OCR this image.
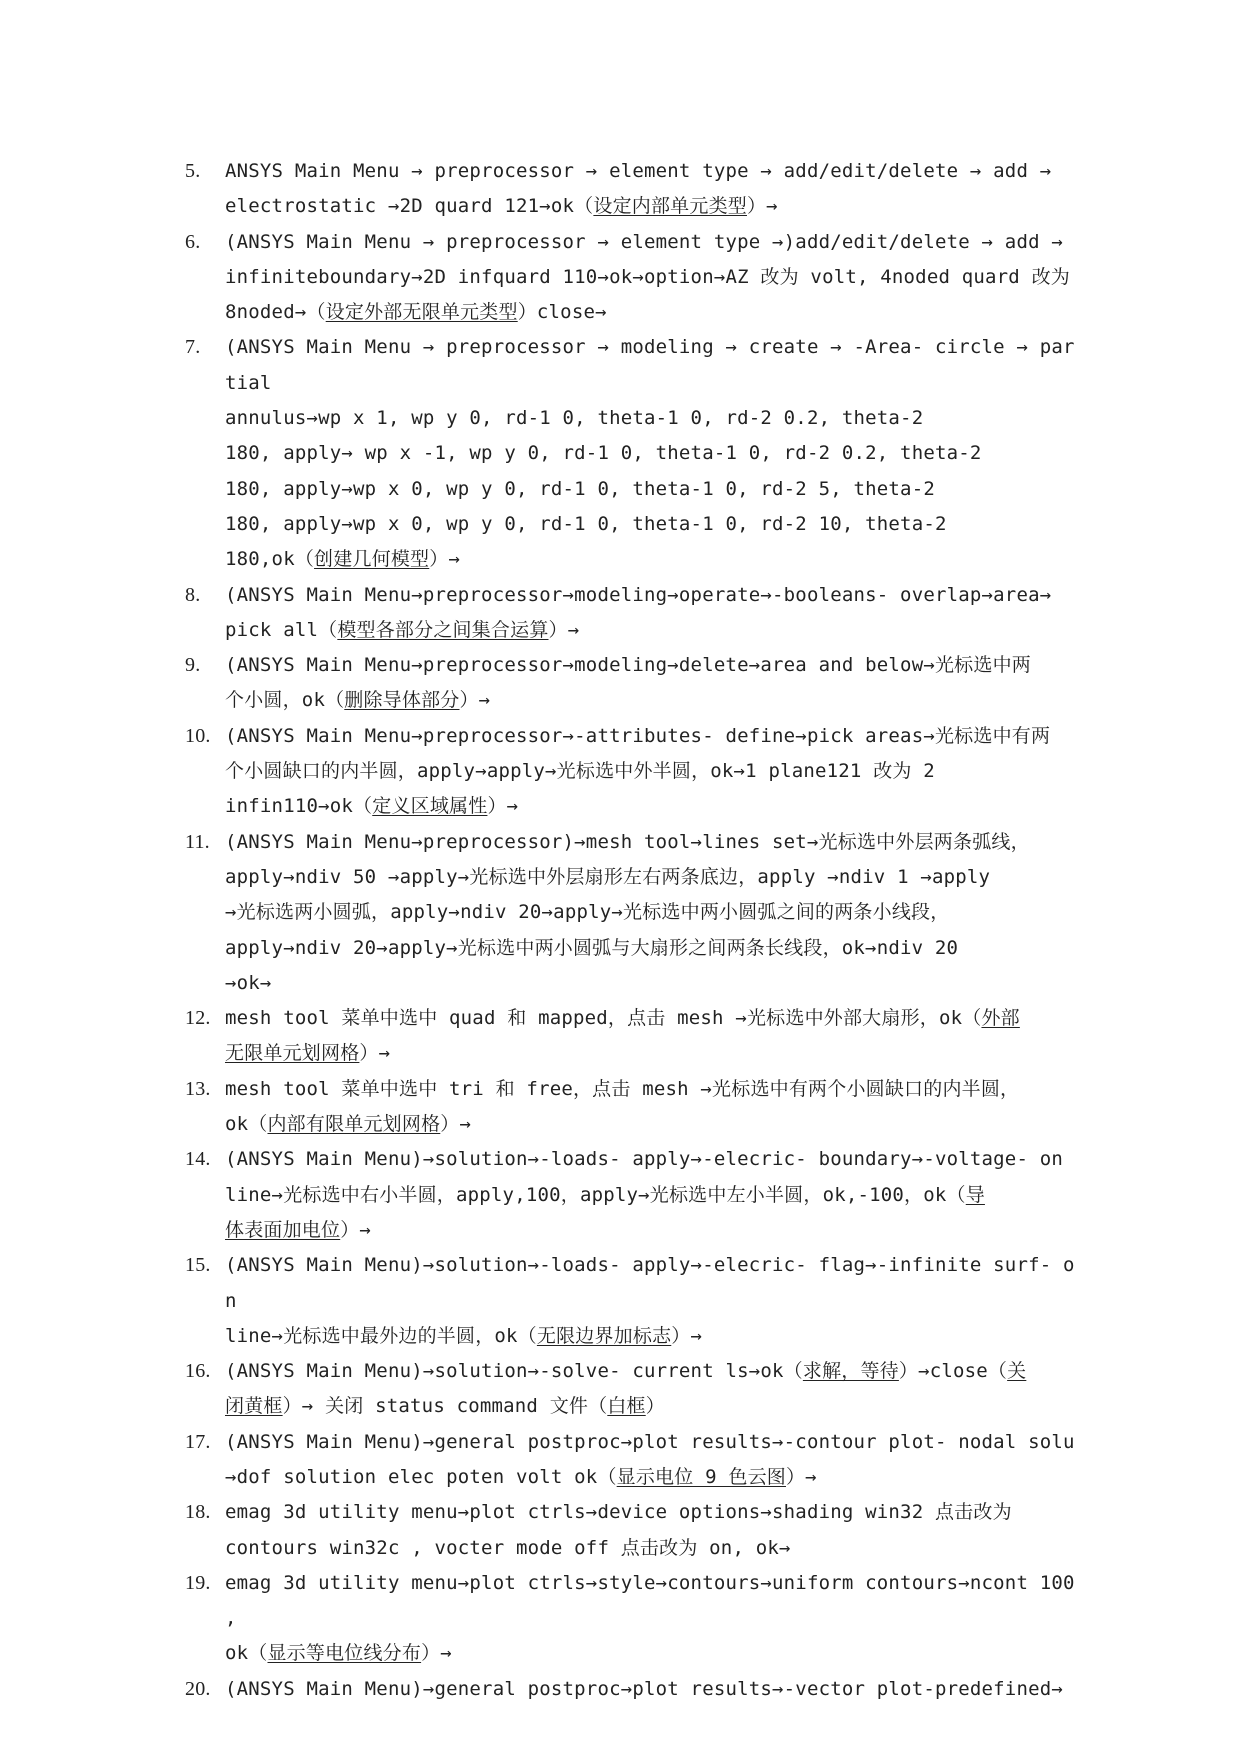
5. ANSYS Main Menu → preprocessor → element type → add/edit/delete → add →
electrostatic →2D quard 121→ok（设定内部单元类型）→
6. (ANSYS Main Menu → preprocessor → element type →)add/edit/delete → add →
infiniteboundary→2D infquard 110→ok→option→AZ 改为 volt, 4noded quard 改为
8noded→（设定外部无限单元类型）close→
7. (ANSYS Main Menu → preprocessor → modeling → create → -Area- circle → partial
annulus→wp x 1, wp y 0, rd-1 0, theta-1 0, rd-2 0.2, theta-2
180, apply→ wp x -1, wp y 0, rd-1 0, theta-1 0, rd-2 0.2, theta-2
180, apply→wp x 0, wp y 0, rd-1 0, theta-1 0, rd-2 5, theta-2
180, apply→wp x 0, wp y 0, rd-1 0, theta-1 0, rd-2 10, theta-2
180,ok（创建几何模型）→
8. (ANSYS Main Menu→preprocessor→modeling→operate→-booleans- overlap→area→
pick all（模型各部分之间集合运算）→
9. (ANSYS Main Menu→preprocessor→modeling→delete→area and below→光标选中两
个小圆，ok（删除导体部分）→
10. (ANSYS Main Menu→preprocessor→-attributes- define→pick areas→光标选中有两
个小圆缺口的内半圆，apply→apply→光标选中外半圆，ok→1 plane121 改为 2
infin110→ok（定义区域属性）→
11. (ANSYS Main Menu→preprocessor)→mesh tool→lines set→光标选中外层两条弧线，
apply→ndiv 50 →apply→光标选中外层扇形左右两条底边，apply →ndiv 1 →apply
→光标选两小圆弧，apply→ndiv 20→apply→光标选中两小圆弧之间的两条小线段，
apply→ndiv 20→apply→光标选中两小圆弧与大扇形之间两条长线段，ok→ndiv 20
→ok→
12. mesh tool 菜单中选中 quad 和 mapped，点击 mesh →光标选中外部大扇形，ok（外部
无限单元划网格）→
13. mesh tool 菜单中选中 tri 和 free，点击 mesh →光标选中有两个小圆缺口的内半圆，
ok（内部有限单元划网格）→
14. (ANSYS Main Menu)→solution→-loads- apply→-elecric- boundary→-voltage- on
line→光标选中右小半圆，apply,100，apply→光标选中左小半圆，ok,-100，ok（导
体表面加电位）→
15. (ANSYS Main Menu)→solution→-loads- apply→-elecric- flag→-infinite surf- on
line→光标选中最外边的半圆，ok（无限边界加标志）→
16. (ANSYS Main Menu)→solution→-solve- current ls→ok（求解，等待）→close（关
闭黄框）→ 关闭 status command 文件（白框）
17. (ANSYS Main Menu)→general postproc→plot results→-contour plot- nodal solu
→dof solution elec poten volt ok（显示电位 9 色云图）→
18. emag 3d utility menu→plot ctrls→device options→shading win32 点击改为
contours win32c , vocter mode off 点击改为 on, ok→
19. emag 3d utility menu→plot ctrls→style→contours→uniform contours→ncont 100 ,
ok（显示等电位线分布）→
20. (ANSYS Main Menu)→general postproc→plot results→-vector plot-predefined→
